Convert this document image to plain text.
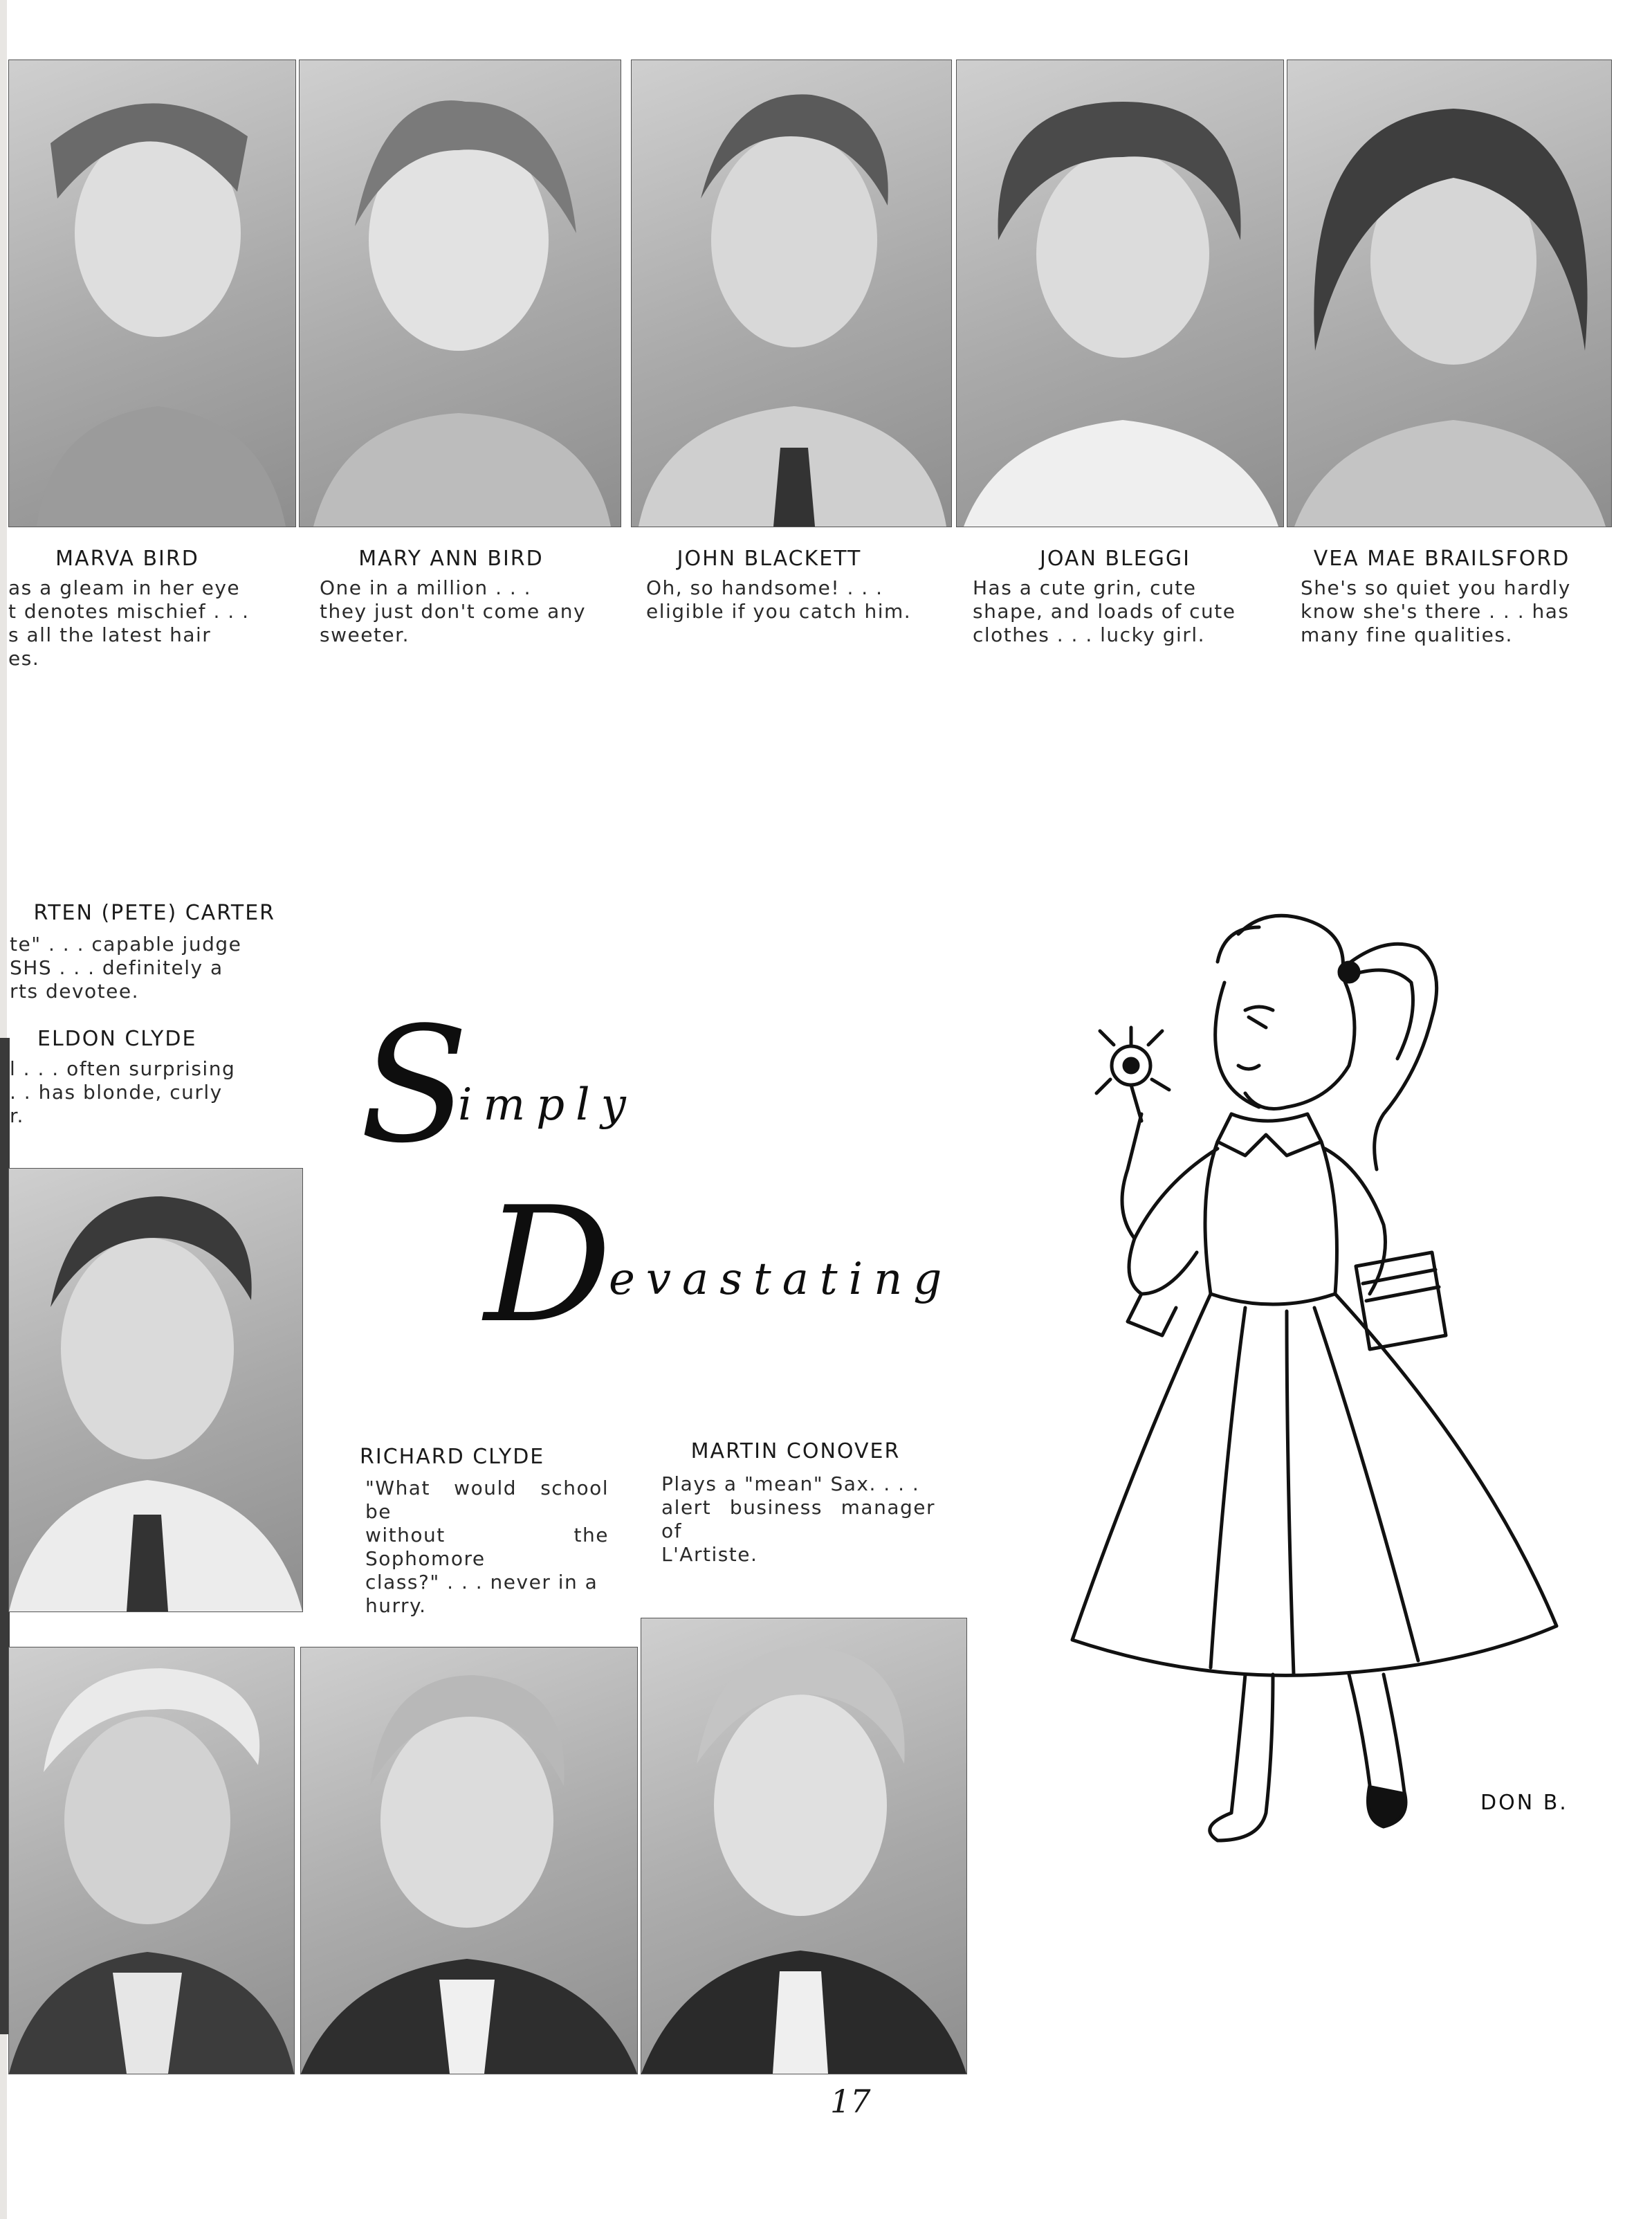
MARVA BIRD
as a gleam in her eye
t denotes mischief . . .
s all the latest hair
es.
MARY ANN BIRD
One in a million . . .
they just don't come any
sweeter.
JOHN BLACKETT
Oh, so handsome! . . .
eligible if you catch him.
JOAN BLEGGI
Has a cute grin, cute
shape, and loads of cute
clothes . . . lucky girl.
VEA MAE BRAILSFORD
She's so quiet you hardly
know she's there . . . has
many fine qualities.
RTEN (PETE) CARTER
te" . . . capable judge
SHS . . . definitely a
rts devotee.
ELDON CLYDE
l . . . often surprising
. . has blonde, curly
r.	S
imply
D
evastating
RICHARD CLYDE
"What would school be
without the Sophomore
class?" . . . never in a
hurry.
MARTIN CONOVER
Plays a "mean" Sax. . . .
alert business manager of
L'Artiste.
DON B.
17
